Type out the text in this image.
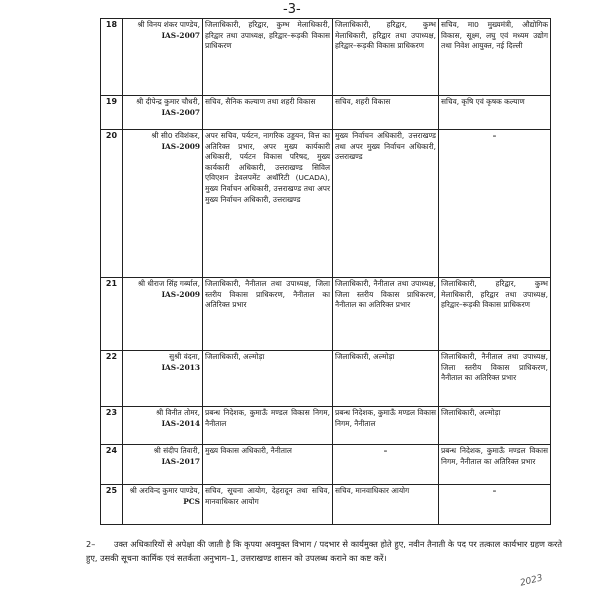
-3-
18	श्री विनय शंकर पाण्डेय,
IAS-2007	जिलाधिकारी, हरिद्वार, कुम्भ मेलाधिकारी, हरिद्वार तथा उपाध्यक्ष, हरिद्वार–रूड़की विकास प्राधिकरण	जिलाधिकारी, हरिद्वार, कुम्भ मेलाधिकारी, हरिद्वार तथा उपाध्यक्ष, हरिद्वार–रूड़की विकास प्राधिकरण	सचिव, मा0 मुख्यमंत्री, औद्योगिक विकास, सूक्ष्म, लघु एवं मध्यम उद्योग तथा निवेश आयुक्त, नई दिल्ली

19	श्री दीपेन्द्र कुमार चौधरी,
IAS-2007	सचिव, सैनिक कल्याण तथा शहरी विकास	सचिव, शहरी विकास	सचिव, कृषि एवं कृषक कल्याण

20	श्री सी0 रविशंकर,
IAS-2009	अपर सचिव, पर्यटन, नागरिक उड्डयन, वित्त का अतिरिक्त प्रभार, अपर मुख्य कार्यकारी अधिकारी, पर्यटन विकास परिषद, मुख्य कार्यकारी अधिकारी, उत्तराखण्ड सिविल एविएशन डेवलपमेंट अथॉरिटी (UCADA), मुख्य निर्वाचन अधिकारी, उत्तराखण्ड तथा अपर मुख्य निर्वाचन अधिकारी, उत्तराखण्ड	मुख्य निर्वाचन अधिकारी, उत्तराखण्ड तथा अपर मुख्य निर्वाचन अधिकारी, उत्तराखण्ड	–

21	श्री धीराज सिंह गर्ब्याल,
IAS-2009	जिलाधिकारी, नैनीताल तथा उपाध्यक्ष, जिला स्तरीय विकास प्राधिकरण, नैनीताल का अतिरिक्त प्रभार	जिलाधिकारी, नैनीताल तथा उपाध्यक्ष, जिला स्तरीय विकास प्राधिकरण, नैनीताल का अतिरिक्त प्रभार	जिलाधिकारी, हरिद्वार, कुम्भ मेलाधिकारी, हरिद्वार तथा उपाध्यक्ष, हरिद्वार–रूड़की विकास प्राधिकरण

22	सुश्री वंदना,
IAS-2013	जिलाधिकारी, अल्मोड़ा	जिलाधिकारी, अल्मोड़ा	जिलाधिकारी, नैनीताल तथा उपाध्यक्ष, जिला स्तरीय विकास प्राधिकरण, नैनीताल का अतिरिक्त प्रभार

23	श्री विनीत तोमर,
IAS-2014	प्रबन्ध निदेशक, कुमाऊँ मण्डल विकास निगम, नैनीताल	प्रबन्ध निदेशक, कुमाऊँ मण्डल विकास निगम, नैनीताल	जिलाधिकारी, अल्मोड़ा

24	श्री संदीप तिवारी,
IAS-2017	मुख्य विकास अधिकारी, नैनीताल	–	प्रबन्ध निदेशक, कुमाऊँ मण्डल विकास निगम, नैनीताल का अतिरिक्त प्रभार

25	श्री अरविन्द कुमार पाण्डेय,
PCS	सचिव, सूचना आयोग, देहरादून तथा सचिव, मानवाधिकार आयोग	सचिव, मानवाधिकार आयोग	–
2– उक्त अधिकारियों से अपेक्षा की जाती है कि कृपया अवमुक्त विभाग / पदभार से कार्यमुक्त होते हुए, नवीन तैनाती के पद पर तत्काल कार्यभार ग्रहण करते हुए, उसकी सूचना कार्मिक एवं सतर्कता अनुभाग–1, उत्तराखण्ड शासन को उपलब्ध कराने का कष्ट करें।
2023
